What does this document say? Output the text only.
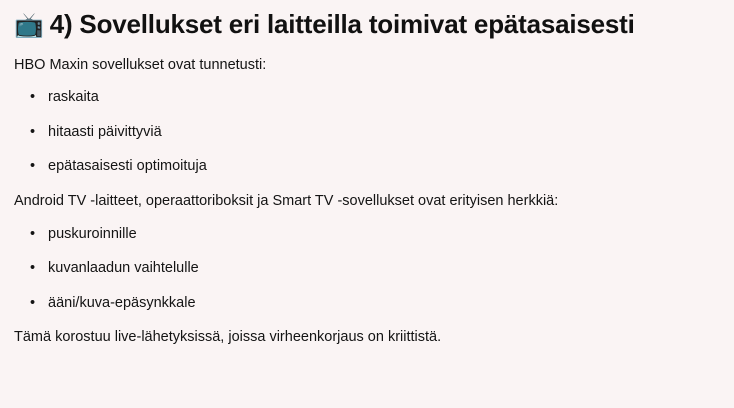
📺 4) Sovellukset eri laitteilla toimivat epätasaisesti

HBO Maxin sovellukset ovat tunnetusti:

• raskaita
• hitaasti päivittyviä
• epätasaisesti optimoituja

Android TV -laitteet, operaattoriboksit ja Smart TV -sovellukset ovat erityisen herkkiä:

• puskuroinnille
• kuvanlaadun vaihtelulle
• ääni/kuva-epäsynkkale

Tämä korostuu live-lähetyksissä, joissa virheenkorjaus on kriittistä.
